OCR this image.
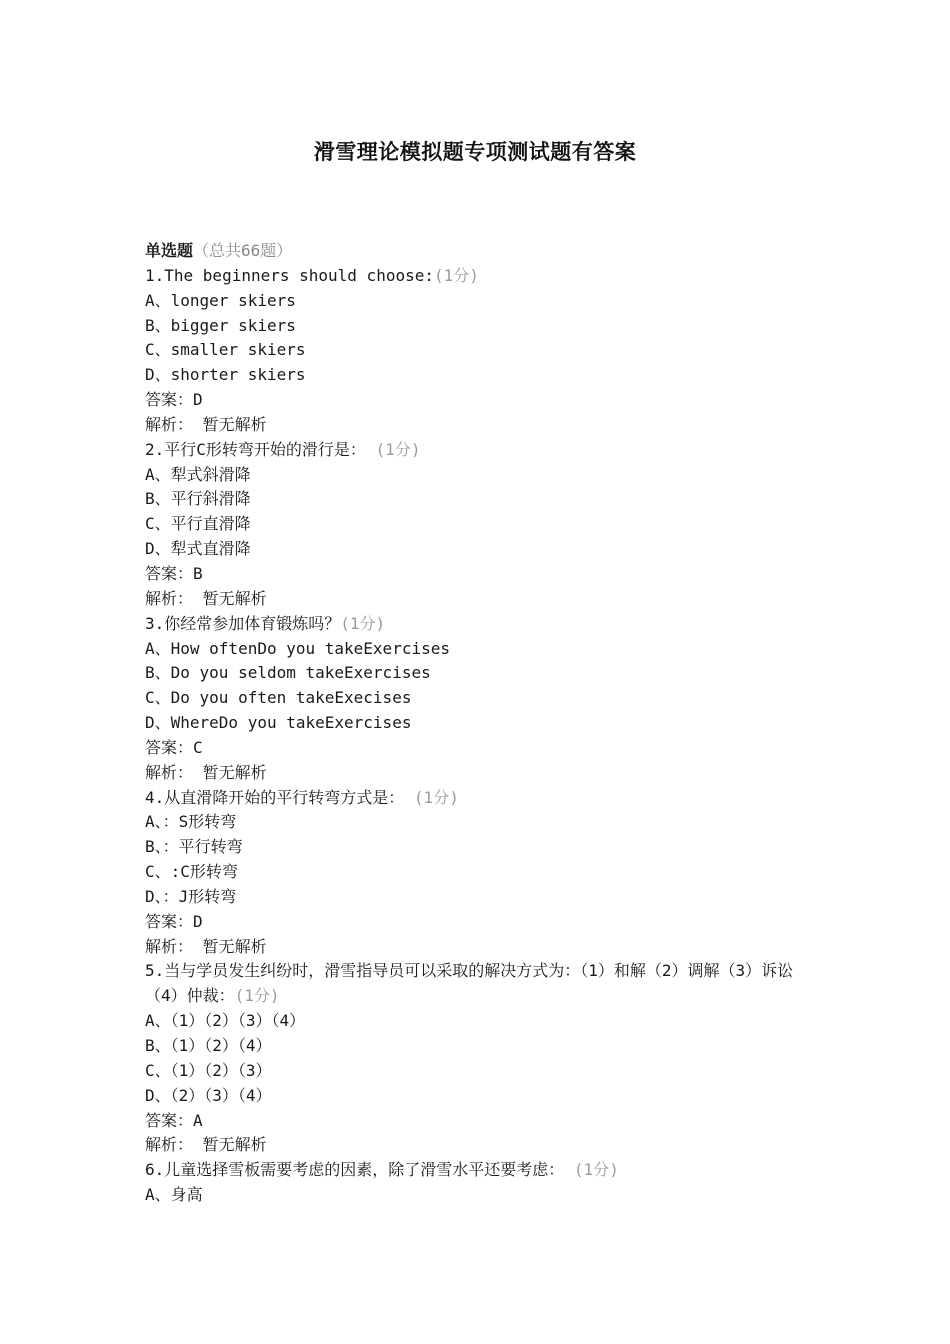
滑雪理论模拟题专项测试题有答案
单选题（总共66题）
1.The beginners should choose:(1分)
A、longer skiers
B、bigger skiers
C、smaller skiers
D、shorter skiers
答案：D
解析： 暂无解析
2.平行C形转弯开始的滑行是： (1分)
A、犁式斜滑降
B、平行斜滑降
C、平行直滑降
D、犁式直滑降
答案：B
解析： 暂无解析
3.你经常参加体育锻炼吗？(1分)
A、How oftenDo you takeExercises
B、Do you seldom takeExercises
C、Do you often takeExecises
D、WhereDo you takeExercises
答案：C
解析： 暂无解析
4.从直滑降开始的平行转弯方式是： (1分)
A、：S形转弯
B、：平行转弯
C、:C形转弯
D、：J形转弯
答案：D
解析： 暂无解析
5.当与学员发生纠纷时，滑雪指导员可以采取的解决方式为：（1）和解（2）调解（3）诉讼（4）仲裁：(1分)
A、（1）（2）（3）（4）
B、（1）（2）（4）
C、（1）（2）（3）
D、（2）（3）（4）
答案：A
解析： 暂无解析
6.儿童选择雪板需要考虑的因素，除了滑雪水平还要考虑： (1分)
A、身高
